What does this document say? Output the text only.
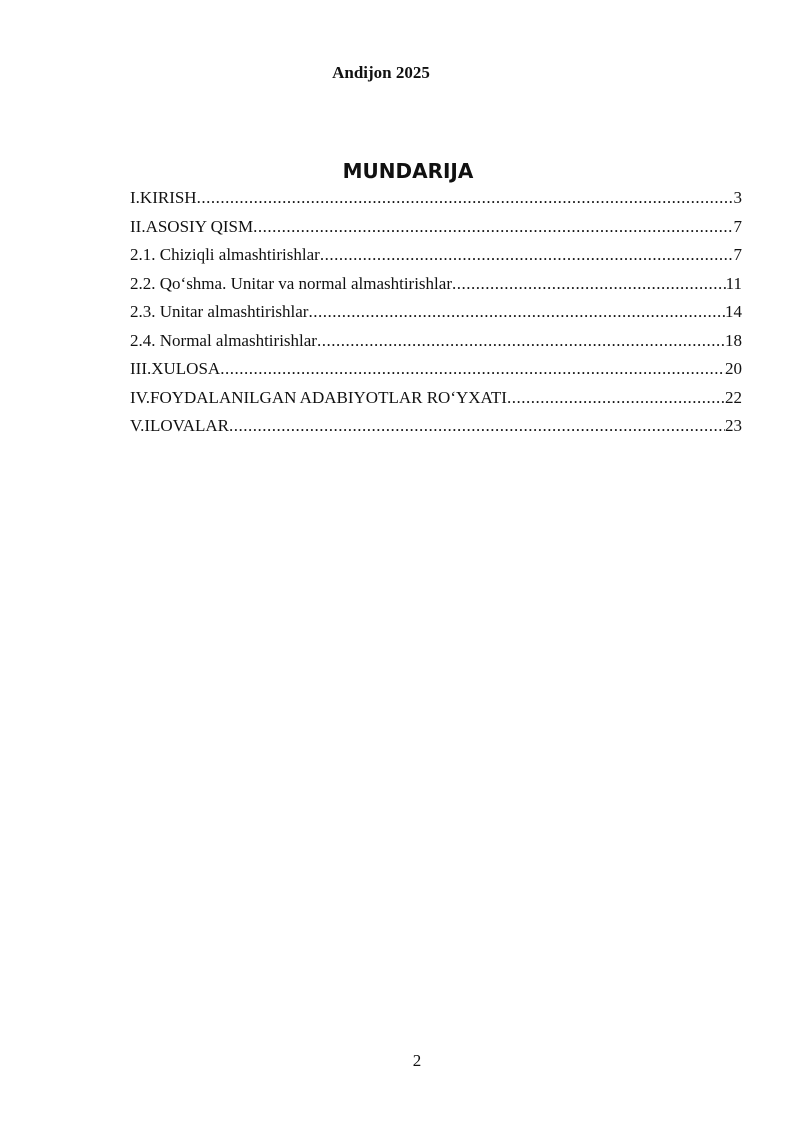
Andijon 2025
MUNDARIJA
I.KIRISH .....	3
II.ASOSIY QISM .....	7
2.1. Chiziqli almashtirishlar .....	7
2.2. Qo‘shma. Unitar va normal almashtirishlar .....	11
2.3. Unitar almashtirishlar .....	14
2.4. Normal almashtirishlar .....	18
III.XULOSA .....	20
IV.FOYDALANILGAN ADABIYOTLAR RO‘YXATI .....	22
V.ILOVALAR .....	23
2
